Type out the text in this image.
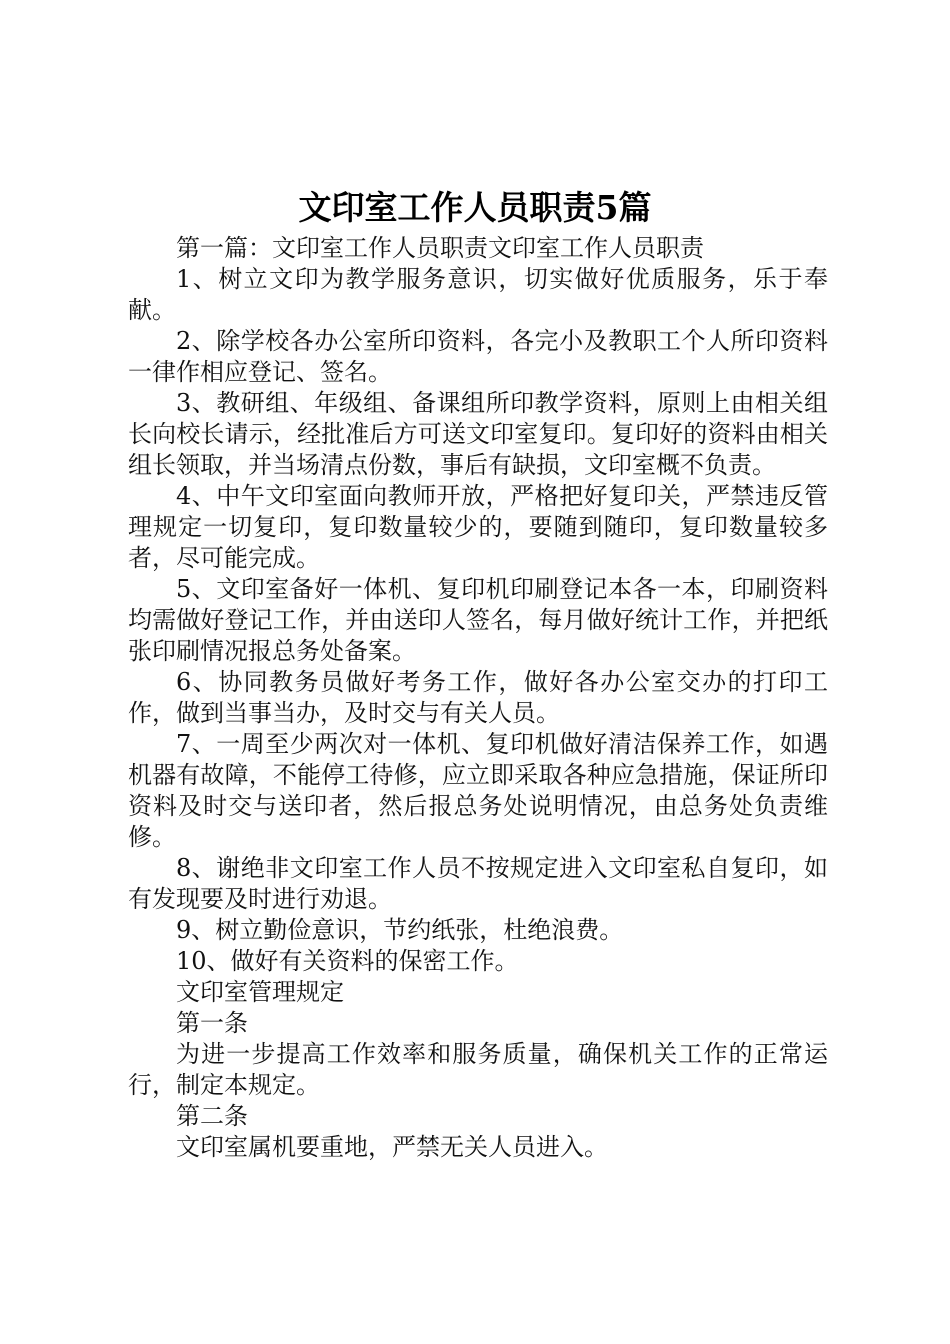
文印室工作人员职责5篇

第一篇：文印室工作人员职责文印室工作人员职责

1、树立文印为教学服务意识，切实做好优质服务，乐于奉献。

2、除学校各办公室所印资料，各完小及教职工个人所印资料一律作相应登记、签名。

3、教研组、年级组、备课组所印教学资料，原则上由相关组长向校长请示，经批准后方可送文印室复印。复印好的资料由相关组长领取，并当场清点份数，事后有缺损，文印室概不负责。

4、中午文印室面向教师开放，严格把好复印关，严禁违反管理规定一切复印，复印数量较少的，要随到随印，复印数量较多者，尽可能完成。

5、文印室备好一体机、复印机印刷登记本各一本，印刷资料均需做好登记工作，并由送印人签名，每月做好统计工作，并把纸张印刷情况报总务处备案。

6、协同教务员做好考务工作，做好各办公室交办的打印工作，做到当事当办，及时交与有关人员。

7、一周至少两次对一体机、复印机做好清洁保养工作，如遇机器有故障，不能停工待修，应立即采取各种应急措施，保证所印资料及时交与送印者，然后报总务处说明情况，由总务处负责维修。

8、谢绝非文印室工作人员不按规定进入文印室私自复印，如有发现要及时进行劝退。

9、树立勤俭意识，节约纸张，杜绝浪费。

10、做好有关资料的保密工作。

文印室管理规定

第一条

为进一步提高工作效率和服务质量，确保机关工作的正常运行，制定本规定。

第二条

文印室属机要重地，严禁无关人员进入。
